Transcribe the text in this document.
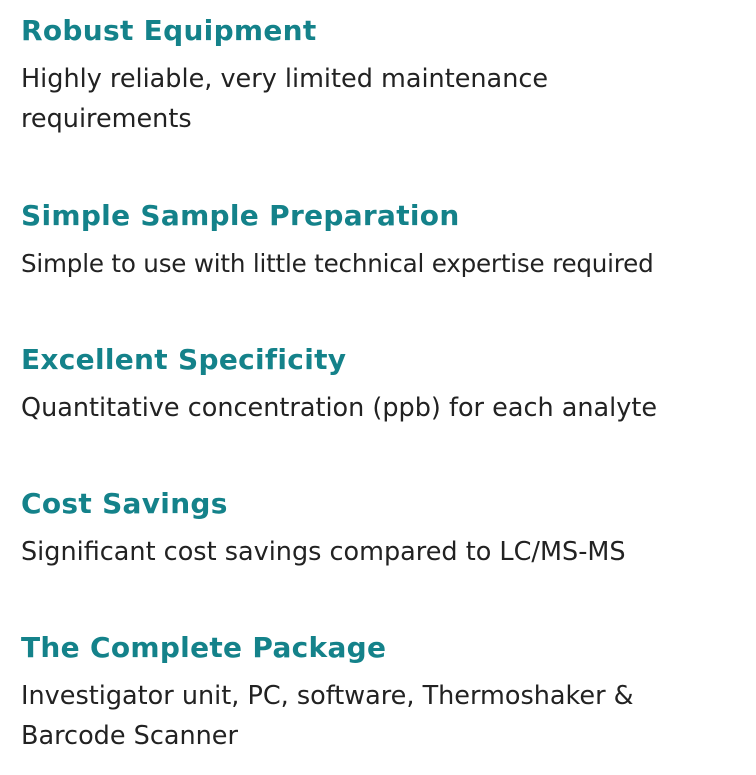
Robust Equipment

Highly reliable, very limited maintenance requirements

Simple Sample Preparation

Simple to use with little technical expertise required

Excellent Specificity

Quantitative concentration (ppb) for each analyte

Cost Savings

Significant cost savings compared to LC/MS-MS

The Complete Package

Investigator unit, PC, software, Thermoshaker & Barcode Scanner
